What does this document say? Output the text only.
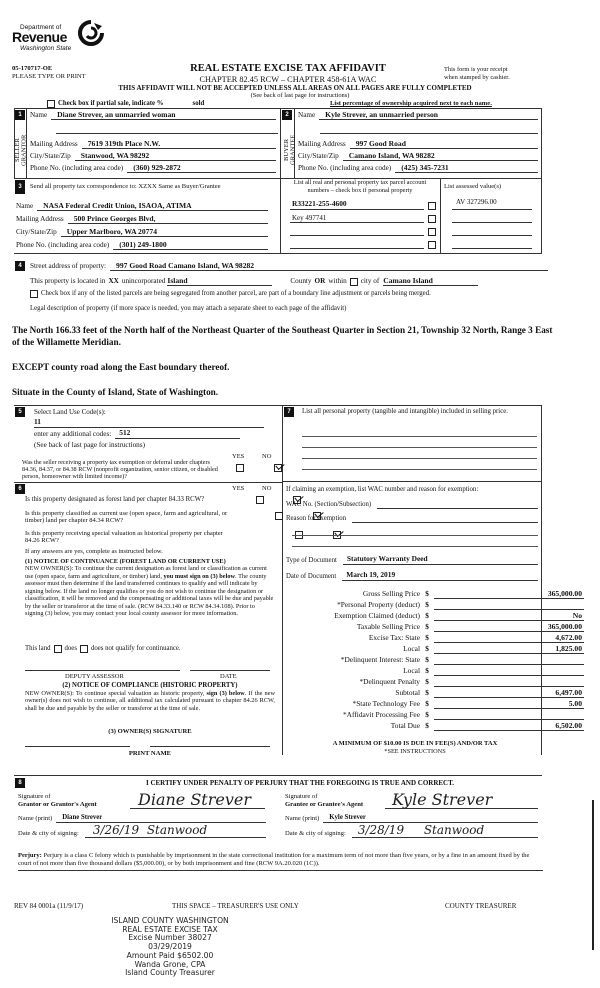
Department of
Revenue
Washington State
05-170717-OE
PLEASE TYPE OR PRINT
REAL ESTATE EXCISE TAX AFFIDAVIT
CHAPTER 82.45 RCW – CHAPTER 458-61A WAC
THIS AFFIDAVIT WILL NOT BE ACCEPTED UNLESS ALL AREAS ON ALL PAGES ARE FULLY COMPLETED
(See back of last page for instructions)
This form is your receipt
when stamped by cashier.
Check box if partial sale, indicate %	sold	List percentage of ownership acquired next to each name.
1
SELLER GRANTOR
Name	Diane Strever, an unmarried woman
Mailing Address	7619 319th Place N.W.
City/State/Zip	Stanwood, WA 98292
Phone No. (including area code)	(360) 929-2872
2
BUYER GRANTEE
Name	Kyle Strever, an unmarried person
Mailing Address	997 Good Road
City/State/Zip	Camano Island, WA 98282
Phone No. (including area code)	(425) 345-7231
3	Send all property tax correspondence to: XZXX Same as Buyer/Grantee
Name	NASA Federal Credit Union, ISAOA, ATIMA
Mailing Address	500 Prince Georges Blvd,
City/State/Zip	Upper Marlboro, WA 20774
Phone No. (including area code)	(301) 249-1800
List all real and personal property tax parcel account
numbers – check box if personal property
List assessed value(s)
R33221-255-4600
Key 497741
AV 327296.00
4	Street address of property:	997 Good Road Camano Island, WA 98282
This property is located in XX unincorporated Island	County OR within city of Camano Island
Check box if any of the listed parcels are being segregated from another parcel, are part of a boundary line adjustment or parcels being merged.
Legal description of property (if more space is needed, you may attach a separate sheet to each page of the affidavit)
The North 166.33 feet of the North half of the Northeast Quarter of the Southeast Quarter in Section 21, Township 32 North, Range 3 East of the Willamette Meridian.
EXCEPT county road along the East boundary thereof.
Situate in the County of Island, State of Washington.
5	Select Land Use Code(s):
11
enter any additional codes:	512
(See back of last page for instructions)
YES	NO
Was the seller receiving a property tax exemption or deferral under chapters 84.36, 84.37, or 84.38 RCW (nonprofit organization, senior citizen, or disabled person, homeowner with limited income)?

6	YES	NO
Is this property designated as forest land per chapter 84.33 RCW?

Is this property classified as current use (open space, farm and agricultural, or timber) land per chapter 84.34 RCW?

Is this property receiving special valuation as historical property per chapter 84.26 RCW?

If any answers are yes, complete as instructed below.
(1) NOTICE OF CONTINUANCE (FOREST LAND OR CURRENT USE)
NEW OWNER(S): To continue the current designation as forest land or classification as current use (open space, farm and agriculture, or timber) land, you must sign on (3) below. The county assessor must then determine if the land transferred continues to qualify and will indicate by signing below. If the land no longer qualifies or you do not wish to continue the designation or classification, it will be removed and the compensating or additional taxes will be due and payable by the seller or transferor at the time of sale. (RCW 84.33.140 or RCW 84.34.108). Prior to signing (3) below, you may contact your local county assessor for more information.
This land does does not qualify for continuance.
DEPUTY ASSESSOR	DATE
(2) NOTICE OF COMPLIANCE (HISTORIC PROPERTY)
NEW OWNER(S): To continue special valuation as historic property, sign (3) below. If the new owner(s) does not wish to continue, all additional tax calculated pursuant to chapter 84.26 RCW, shall be due and payable by the seller or transferor at the time of sale.
(3) OWNER(S) SIGNATURE
PRINT NAME
7	List all personal property (tangible and intangible) included in selling price.
If claiming an exemption, list WAC number and reason for exemption:
WAC No. (Section/Subsection)
Reason for exemption
Type of Document	Statutory Warranty Deed
Date of Document	March 19, 2019
Gross Selling Price $	365,000.00
*Personal Property (deduct) $
Exemption Claimed (deduct) $	No
Taxable Selling Price $	365,000.00
Excise Tax: State $	4,672.00
Local $	1,825.00
*Delinquent Interest: State $
Local $
*Delinquent Penalty $
Subtotal $	6,497.00
*State Technology Fee $	5.00
*Affidavit Processing Fee $
Total Due $	6,502.00
A MINIMUM OF $10.00 IS DUE IN FEE(S) AND/OR TAX
*SEE INSTRUCTIONS
8	I CERTIFY UNDER PENALTY OF PERJURY THAT THE FOREGOING IS TRUE AND CORRECT.
Signature of
Grantor or Grantor's Agent	Diane Strever
Name (print)	Diane Strever
Date & city of signing: 3/26/19 Stanwood
Signature of
Grantee or Grantee's Agent Kyle Strever
Name (print)	Kyle Strever
Date & city of signing: 3/28/19 Stanwood
Perjury: Perjury is a class C felony which is punishable by imprisonment in the state correctional institution for a maximum term of not more than five years, or by a fine in an amount fixed by the court of not more than five thousand dollars ($5,000.00), or by both imprisonment and fine (RCW 9A.20.020 (1C)).
REV 84 0001a (11/9/17)	THIS SPACE – TREASURER'S USE ONLY	COUNTY TREASURER
ISLAND COUNTY WASHINGTON
REAL ESTATE EXCISE TAX
Excise Number 38027
03/29/2019
Amount Paid $6502.00
Wanda Grone, CPA
Island County Treasurer
